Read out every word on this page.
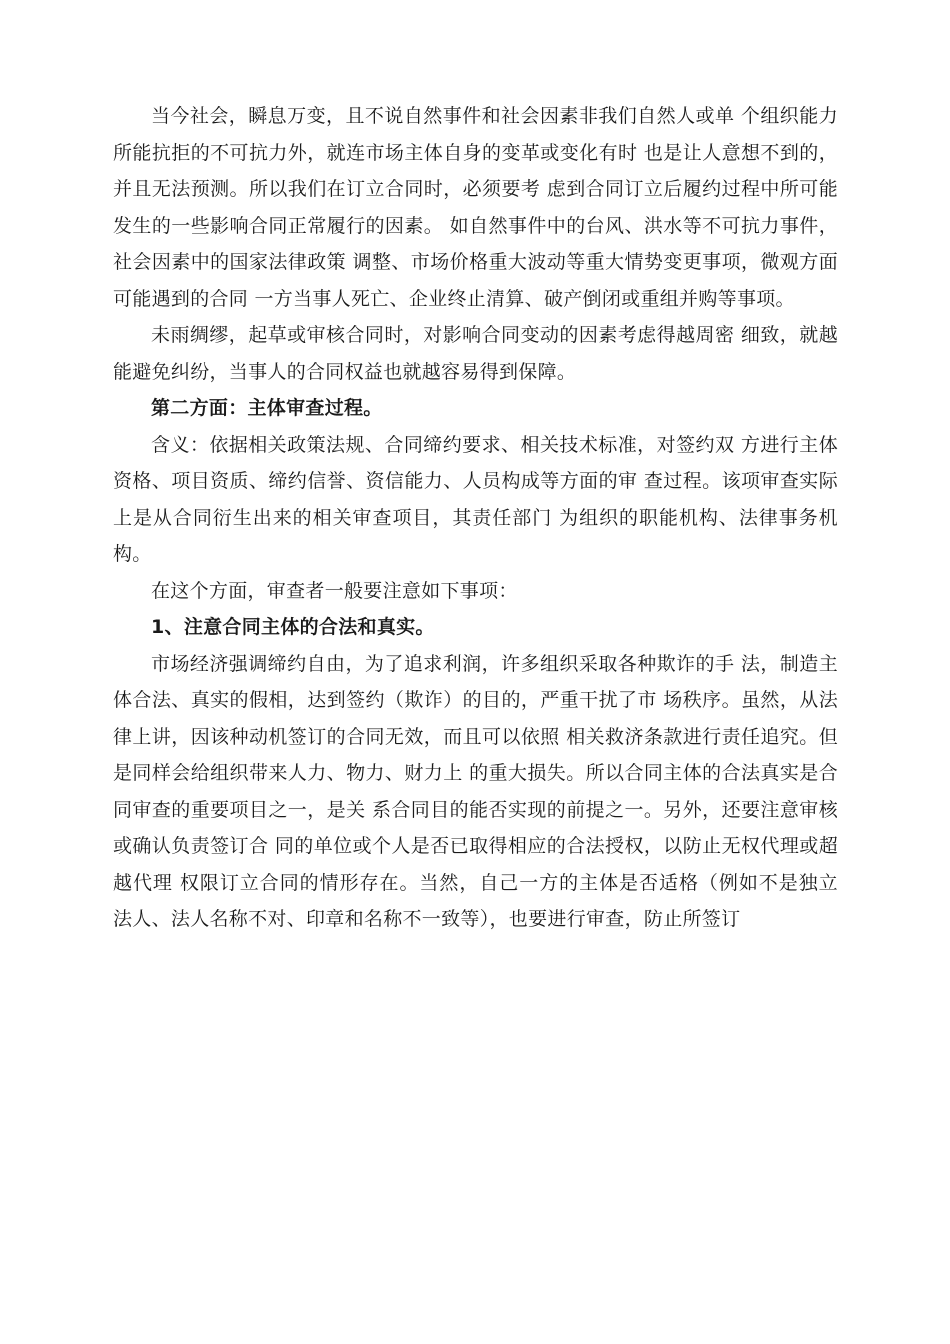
当今社会，瞬息万变，且不说自然事件和社会因素非我们自然人或单 个组织能力所能抗拒的不可抗力外，就连市场主体自身的变革或变化有时 也是让人意想不到的，并且无法预测。所以我们在订立合同时，必须要考 虑到合同订立后履约过程中所可能发生的一些影响合同正常履行的因素。 如自然事件中的台风、洪水等不可抗力事件，社会因素中的国家法律政策 调整、市场价格重大波动等重大情势变更事项，微观方面可能遇到的合同 一方当事人死亡、企业终止清算、破产倒闭或重组并购等事项。

未雨绸缪，起草或审核合同时，对影响合同变动的因素考虑得越周密 细致，就越能避免纠纷，当事人的合同权益也就越容易得到保障。

第二方面：主体审查过程。

含义：依据相关政策法规、合同缔约要求、相关技术标准，对签约双 方进行主体资格、项目资质、缔约信誉、资信能力、人员构成等方面的审 查过程。该项审查实际上是从合同衍生出来的相关审查项目，其责任部门 为组织的职能机构、法律事务机构。

在这个方面，审查者一般要注意如下事项：

1、注意合同主体的合法和真实。

市场经济强调缔约自由，为了追求利润，许多组织采取各种欺诈的手 法，制造主体合法、真实的假相，达到签约（欺诈）的目的，严重干扰了市 场秩序。虽然，从法律上讲，因该种动机签订的合同无效，而且可以依照 相关救济条款进行责任追究。但是同样会给组织带来人力、物力、财力上 的重大损失。所以合同主体的合法真实是合同审查的重要项目之一，是关 系合同目的能否实现的前提之一。另外，还要注意审核或确认负责签订合 同的单位或个人是否已取得相应的合法授权，以防止无权代理或超越代理 权限订立合同的情形存在。当然，自己一方的主体是否适格（例如不是独立 法人、法人名称不对、印章和名称不一致等），也要进行审查，防止所签订
